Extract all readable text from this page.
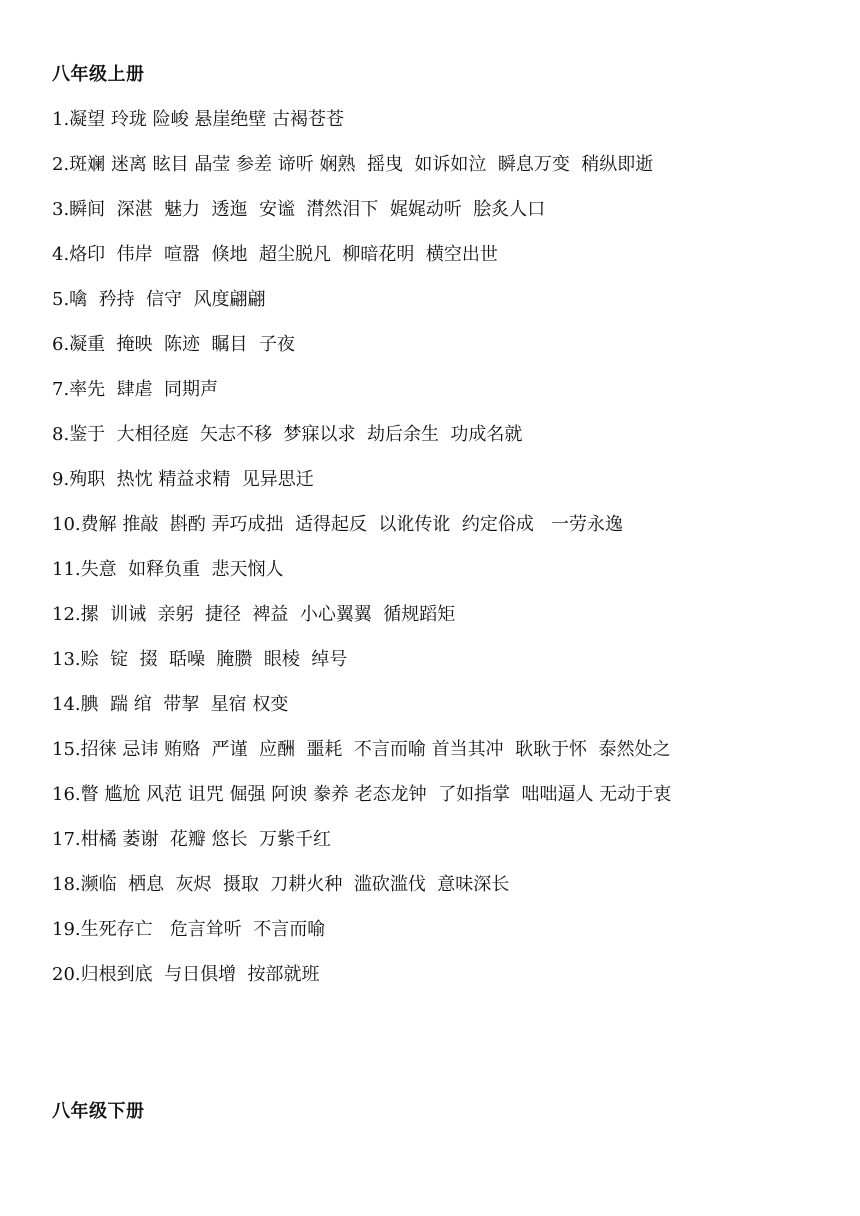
八年级上册
1.凝望 玲珑 险峻 悬崖绝壁 古褐苍苍
2.斑斓 迷离 眩目 晶莹 参差 谛听 娴熟  摇曳  如诉如泣  瞬息万变  稍纵即逝
3.瞬间  深湛  魅力  透迤  安谧  潸然泪下  娓娓动听  脍炙人口
4.烙印  伟岸  喧嚣  倏地  超尘脱凡  柳暗花明  横空出世
5.噙  矜持  信守  风度翩翩
6.凝重  掩映  陈迹  瞩目  子夜
7.率先  肆虐  同期声
8.鉴于  大相径庭  矢志不移  梦寐以求  劫后余生  功成名就
9.殉职  热忱 精益求精  见异思迁
10.费解 推敲  斟酌 弄巧成拙  适得起反  以讹传讹  约定俗成   一劳永逸
11.失意  如释负重  悲天悯人
12.摞  训诫  亲躬  捷径  裨益  小心翼翼  循规蹈矩
13.赊  锭  掇  聒噪  腌臜  眼棱  绰号
14.腆  踹 绾  带挈  星宿 权变
15.招徕 忌讳 贿赂  严谨  应酬  噩耗  不言而喻 首当其冲  耿耿于怀  泰然处之
16.瞥 尴尬 风范 诅咒 倔强 阿谀 豢养 老态龙钟  了如指掌  咄咄逼人 无动于衷
17.柑橘 萎谢  花瓣 悠长  万紫千红
18.濒临  栖息  灰烬  摄取  刀耕火种  滥砍滥伐  意味深长
19.生死存亡   危言耸听  不言而喻
20.归根到底  与日俱增  按部就班
八年级下册
